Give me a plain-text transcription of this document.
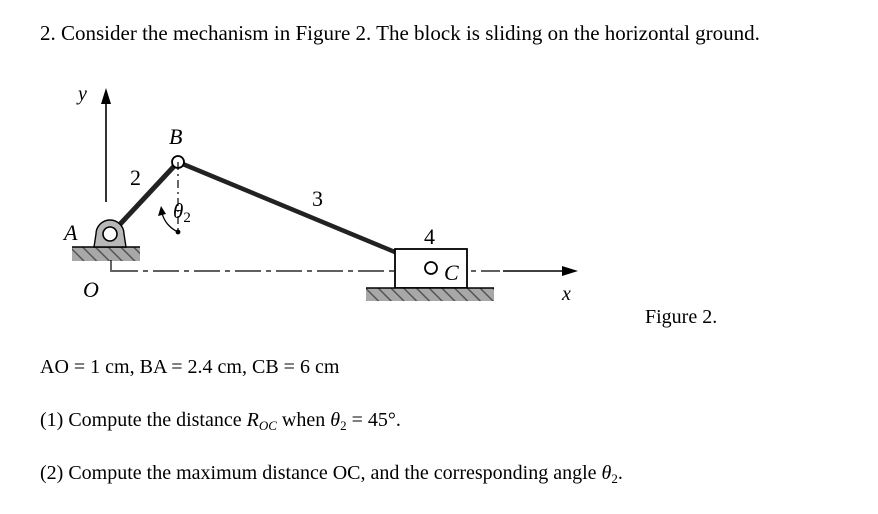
2. Consider the mechanism in Figure 2. The block is sliding on the horizontal ground.
y
x
A
B
O
C
2
3
4
θ2
Figure 2.
AO = 1 cm, BA = 2.4 cm, CB = 6 cm
(1) Compute the distance $R_{OC}$ when $\theta_2 = 45^\circ$.
(2) Compute the maximum distance OC, and the corresponding angle $\theta_2$.
